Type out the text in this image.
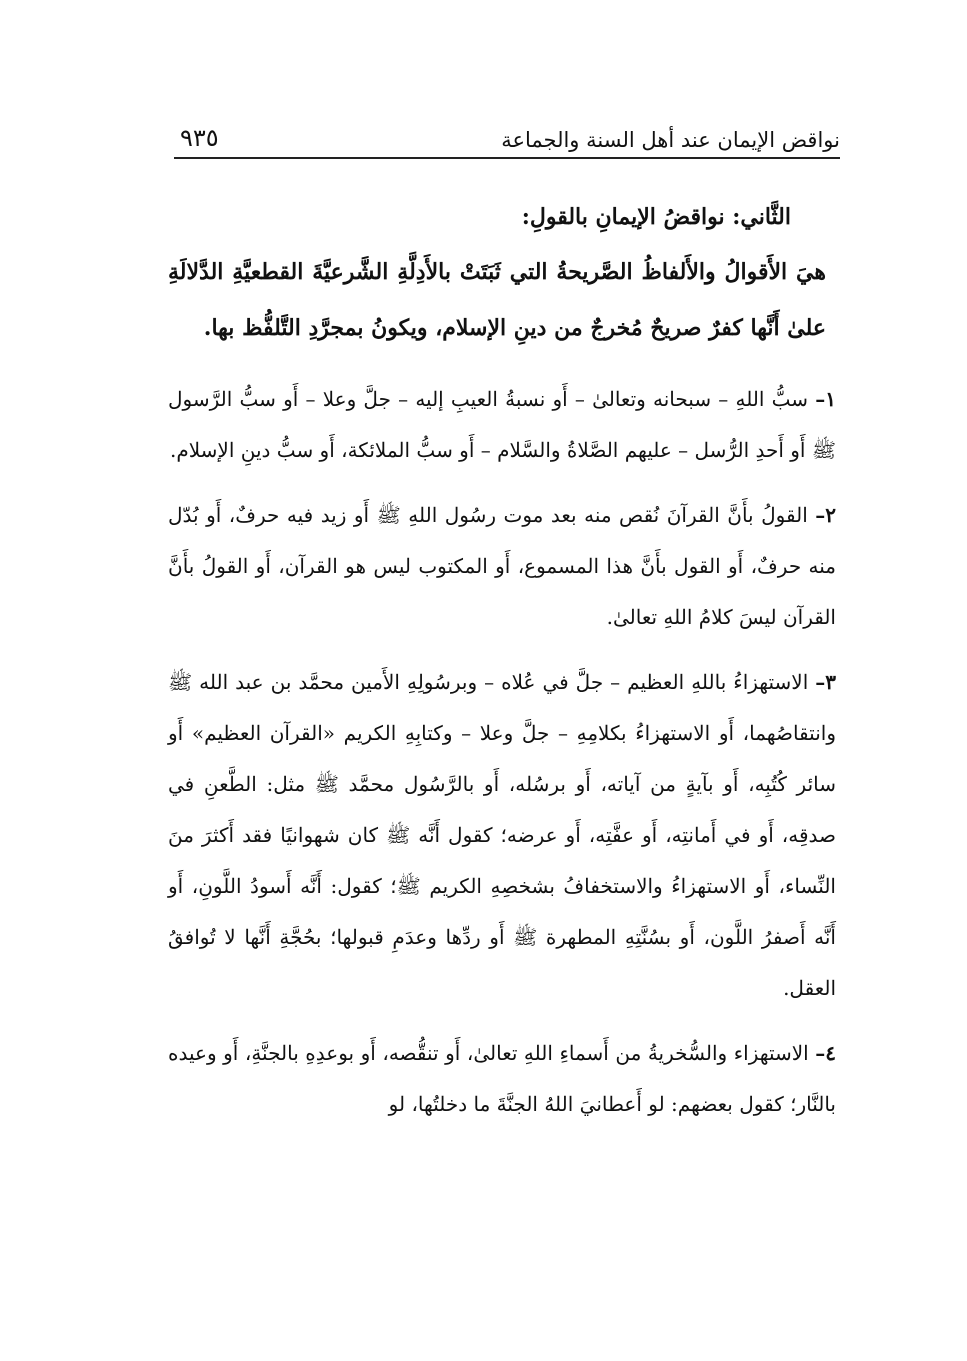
نواقض الإيمان عند أهل السنة والجماعة
٩٣٥

الثَّاني: نواقضُ الإيمانِ بالقولِ:

هيَ الأَقوالُ والأَلفاظُ الصَّريحةُ التي ثَبَتَتْ بالأَدِلَّةِ الشَّرعيَّةَ القطعيَّةِ الدَّلالَةِ علىٰ أَنَّها كفرٌ صريحٌ مُخرجٌ من دينِ الإسلام، ويكونُ بمجرَّدِ التَّلفُّظ بها.

١– سبُّ اللهِ – سبحانه وتعالىٰ – أَو نسبةُ العيبِ إليه – جلَّ وعلا – أَو سبُّ الرَّسول ﷺ أَو أَحدِ الرُّسل – عليهم الصَّلاةُ والسَّلام – أَو سبُّ الملائكة، أَو سبُّ دينِ الإسلام.

٢– القولُ بأَنَّ القرآنَ نُقص منه بعد موت رسُول اللهِ ﷺ أَو زيد فيه حرفٌ، أَو بُدّل منه حرفٌ، أَو القول بأَنَّ هذا المسموع، أَو المكتوب ليس هو القرآن، أَو القولُ بأَنَّ القرآن ليسَ كلامُ اللهِ تعالىٰ.

٣– الاستهزاءُ باللهِ العظيم – جلَّ في عُلاه – وبرسُولِهِ الأَمين محمَّد بن عبد الله ﷺ وانتقاصُهما، أَو الاستهزاءُ بكلامِهِ – جلَّ وعلا – وكتابِهِ الكريم «القرآن العظيم» أَو سائر كُتُبِه، أَو بآيةٍ من آياته، أَو برسُله، أَو بالرَّسُول محمَّد ﷺ مثل: الطَّعنِ في صدقِه، أَو في أَمانتِه، أَو عفَّتِه، أَو عرضه؛ كقول أَنَّه ﷺ كان شهوانيًا فقد أَكثرَ منَ النِّساء، أَو الاستهزاءُ والاستخفافُ بشخصِهِ الكريم ﷺ؛ كقول: أَنَّه أَسودُ اللَّونِ، أَو أَنَّه أَصفرُ اللَّون، أَو بسُنَّتِهِ المطهرة ﷺ أَو ردِّها وعدَمِ قبولها؛ بحُجَّةِ أَنَّها لا تُوافقُ العقل.

٤– الاستهزاء والسُّخريةُ من أَسماءِ اللهِ تعالىٰ، أَو تنقُّصه، أَو بوعدِهِ بالجنَّةِ، أَو وعيده بالنَّار؛ كقول بعضهم: لو أَعطانيَ اللهُ الجنَّةَ ما دخلتُها، لو
